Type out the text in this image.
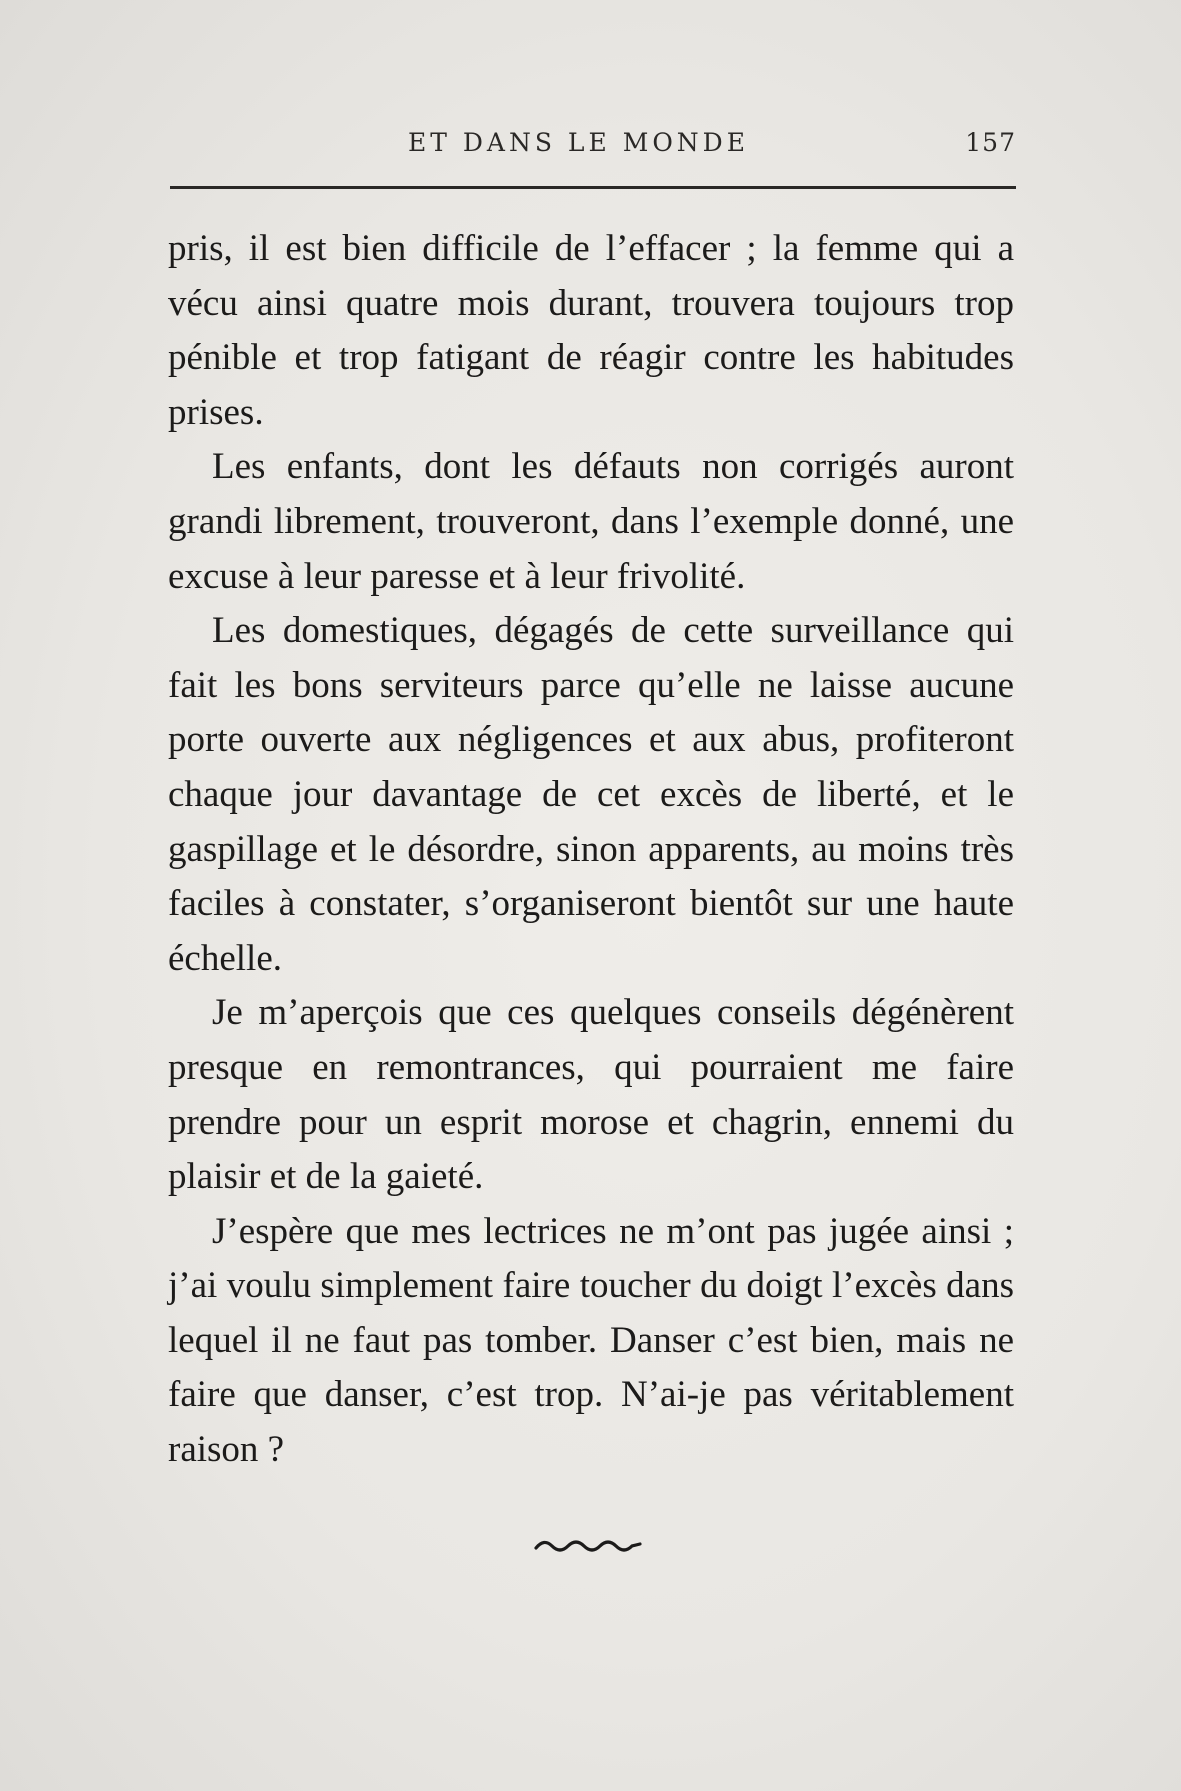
ET DANS LE MONDE	157

pris, il est bien difficile de l’effacer ; la femme qui a vécu ainsi quatre mois durant, trouvera toujours trop pénible et trop fatigant de réagir contre les habitudes prises.

Les enfants, dont les défauts non corrigés auront grandi librement, trouveront, dans l’exemple donné, une excuse à leur paresse et à leur frivolité.

Les domestiques, dégagés de cette surveillance qui fait les bons serviteurs parce qu’elle ne laisse aucune porte ouverte aux négligences et aux abus, profiteront chaque jour davantage de cet excès de liberté, et le gaspillage et le désordre, sinon apparents, au moins très faciles à constater, s’organiseront bientôt sur une haute échelle.

Je m’aperçois que ces quelques conseils dégénèrent presque en remontrances, qui pourraient me faire prendre pour un esprit morose et chagrin, ennemi du plaisir et de la gaieté.

J’espère que mes lectrices ne m’ont pas jugée ainsi ; j’ai voulu simplement faire toucher du doigt l’excès dans lequel il ne faut pas tomber. Danser c’est bien, mais ne faire que danser, c’est trop. N’ai-je pas véritablement raison ?
